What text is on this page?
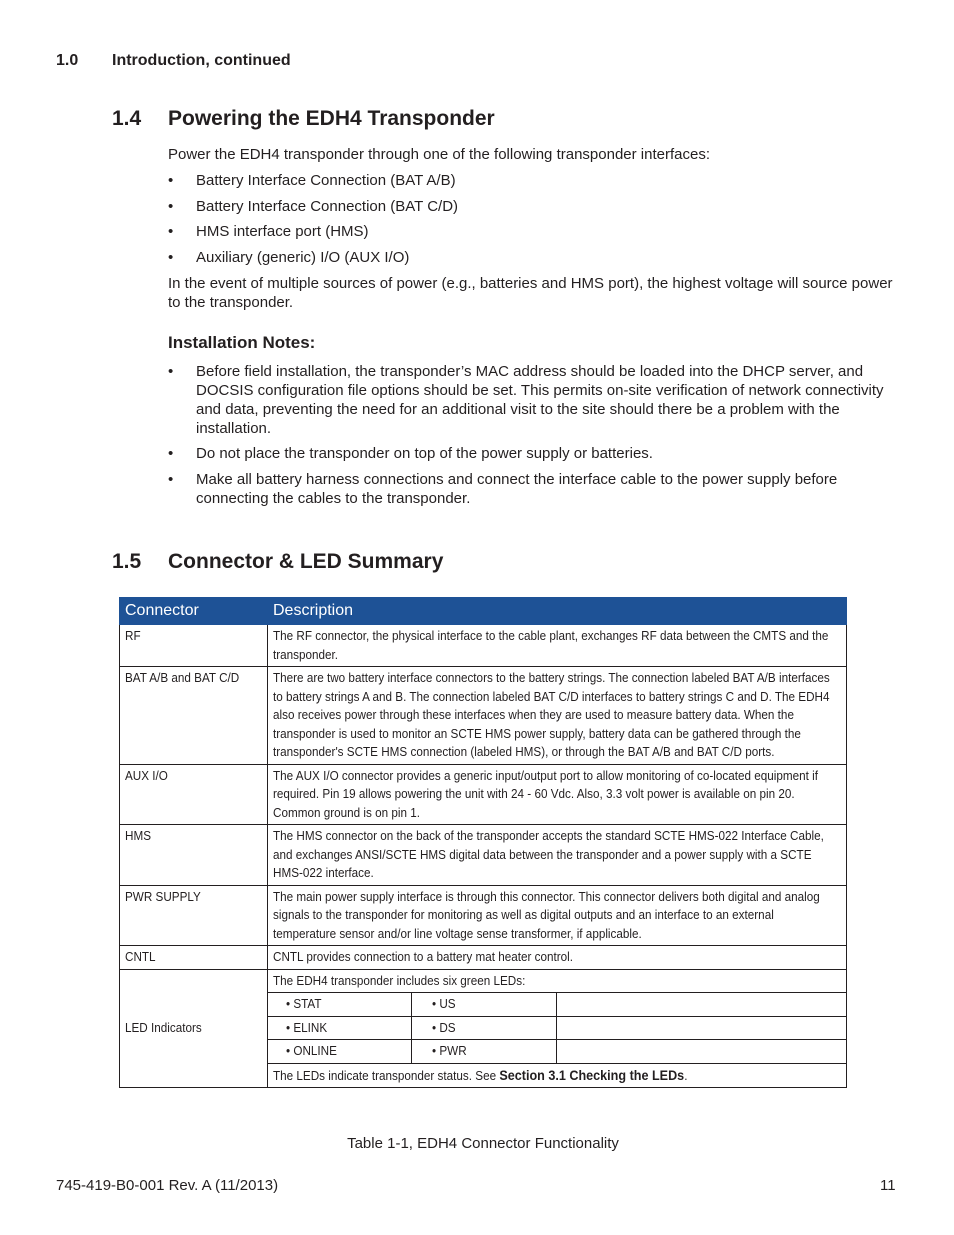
1.0 Introduction, continued
1.4 Powering the EDH4 Transponder
Power the EDH4 transponder through one of the following transponder interfaces:
• Battery Interface Connection (BAT A/B)
• Battery Interface Connection (BAT C/D)
• HMS interface port (HMS)
• Auxiliary (generic) I/O (AUX I/O)
In the event of multiple sources of power (e.g., batteries and HMS port), the highest voltage will source power to the transponder.
Installation Notes:
• Before field installation, the transponder’s MAC address should be loaded into the DHCP server, and DOCSIS configuration file options should be set. This permits on-site verification of network connectivity and data, preventing the need for an additional visit to the site should there be a problem with the installation.
• Do not place the transponder on top of the power supply or batteries.
• Make all battery harness connections and connect the interface cable to the power supply before connecting the cables to the transponder.
1.5 Connector & LED Summary
Connector	Description		
RF	The RF connector, the physical interface to the cable plant, exchanges RF data between the CMTS and the transponder.		
BAT A/B and BAT C/D	There are two battery interface connectors to the battery strings. The connection labeled BAT A/B interfaces to battery strings A and B. The connection labeled BAT C/D interfaces to battery strings C and D. The EDH4 also receives power through these interfaces when they are used to measure battery data. When the transponder is used to monitor an SCTE HMS power supply, battery data can be gathered through the transponder's SCTE HMS connection (labeled HMS), or through the BAT A/B and BAT C/D ports.		
AUX I/O	The AUX I/O connector provides a generic input/output port to allow monitoring of co-located equipment if required. Pin 19 allows powering the unit with 24 - 60 Vdc. Also, 3.3 volt power is available on pin 20. Common ground is on pin 1.		
HMS	The HMS connector on the back of the transponder accepts the standard SCTE HMS-022 Interface Cable, and exchanges ANSI/SCTE HMS digital data between the transponder and a power supply with a SCTE HMS-022 interface.		
PWR SUPPLY	The main power supply interface is through this connector. This connector delivers both digital and analog signals to the transponder for monitoring as well as digital outputs and an interface to an external temperature sensor and/or line voltage sense transformer, if applicable.		
CNTL	CNTL provides connection to a battery mat heater control.		
LED Indicators	The EDH4 transponder includes six green LEDs:		
	• STAT	• US	
	• ELINK	• DS	
	• ONLINE	• PWR	
	The LEDs indicate transponder status. See Section 3.1 Checking the LEDs.		
Table 1-1, EDH4 Connector Functionality
745-419-B0-001 Rev. A (11/2013)	11
